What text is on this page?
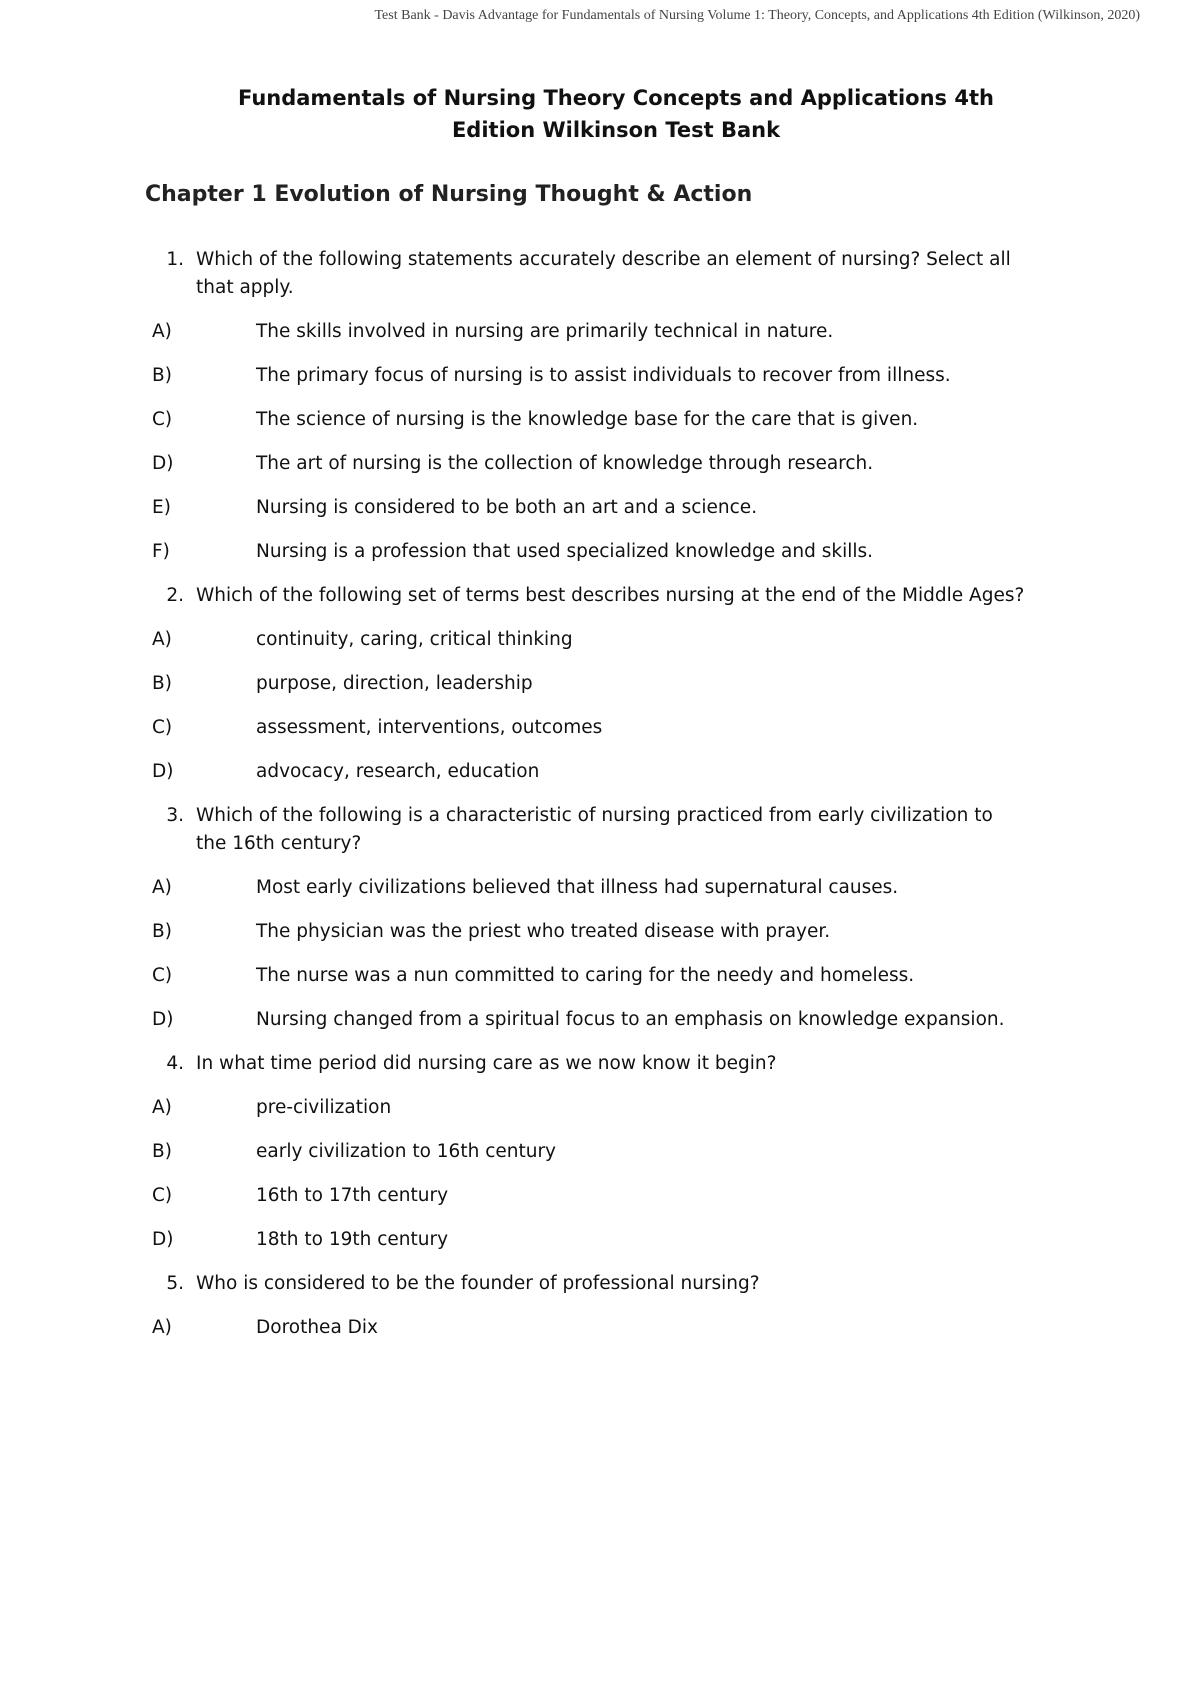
Test Bank - Davis Advantage for Fundamentals of Nursing Volume 1: Theory, Concepts, and Applications 4th Edition (Wilkinson, 2020)
Fundamentals of Nursing Theory Concepts and Applications 4th
Edition Wilkinson Test Bank
Chapter 1 Evolution of Nursing Thought & Action
1. Which of the following statements accurately describe an element of nursing? Select all that apply.
A)	The skills involved in nursing are primarily technical in nature.
B)	The primary focus of nursing is to assist individuals to recover from illness.
C)	The science of nursing is the knowledge base for the care that is given.
D)	The art of nursing is the collection of knowledge through research.
E)	Nursing is considered to be both an art and a science.
F)	Nursing is a profession that used specialized knowledge and skills.
2. Which of the following set of terms best describes nursing at the end of the Middle Ages?
A)	continuity, caring, critical thinking
B)	purpose, direction, leadership
C)	assessment, interventions, outcomes
D)	advocacy, research, education
3. Which of the following is a characteristic of nursing practiced from early civilization to the 16th century?
A)	Most early civilizations believed that illness had supernatural causes.
B)	The physician was the priest who treated disease with prayer.
C)	The nurse was a nun committed to caring for the needy and homeless.
D)	Nursing changed from a spiritual focus to an emphasis on knowledge expansion.
4. In what time period did nursing care as we now know it begin?
A)	pre-civilization
B)	early civilization to 16th century
C)	16th to 17th century
D)	18th to 19th century
5. Who is considered to be the founder of professional nursing?
A)	Dorothea Dix
